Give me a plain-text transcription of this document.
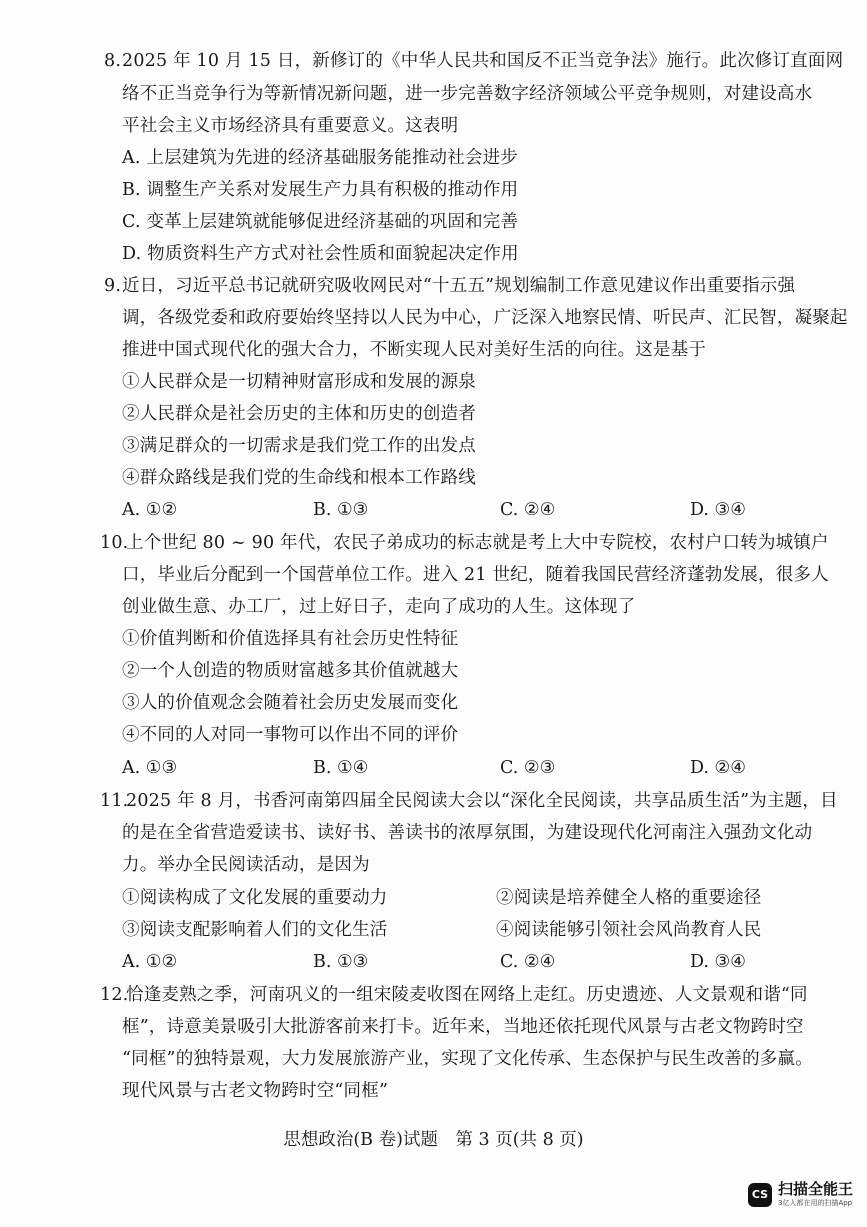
8. 2025 年 10 月 15 日，新修订的《中华人民共和国反不正当竞争法》施行。此次修订直面网
络不正当竞争行为等新情况新问题，进一步完善数字经济领域公平竞争规则，对建设高水
平社会主义市场经济具有重要意义。这表明
A. 上层建筑为先进的经济基础服务能推动社会进步
B. 调整生产关系对发展生产力具有积极的推动作用
C. 变革上层建筑就能够促进经济基础的巩固和完善
D. 物质资料生产方式对社会性质和面貌起决定作用
9. 近日，习近平总书记就研究吸收网民对“十五五”规划编制工作意见建议作出重要指示强
调，各级党委和政府要始终坚持以人民为中心，广泛深入地察民情、听民声、汇民智，凝聚起
推进中国式现代化的强大合力，不断实现人民对美好生活的向往。这是基于
①人民群众是一切精神财富形成和发展的源泉
②人民群众是社会历史的主体和历史的创造者
③满足群众的一切需求是我们党工作的出发点
④群众路线是我们党的生命线和根本工作路线
A. ①②	B. ①③	C. ②④	D. ③④
10.
上个世纪 80 ~ 90 年代，农民子弟成功的标志就是考上大中专院校，农村户口转为城镇户
口，毕业后分配到一个国营单位工作。进入 21 世纪，随着我国民营经济蓬勃发展，很多人
创业做生意、办工厂，过上好日子，走向了成功的人生。这体现了
①价值判断和价值选择具有社会历史性特征
②一个人创造的物质财富越多其价值就越大
③人的价值观念会随着社会历史发展而变化
④不同的人对同一事物可以作出不同的评价
A. ①③	B. ①④	C. ②③	D. ②④
11.
2025 年 8 月，书香河南第四届全民阅读大会以“深化全民阅读，共享品质生活”为主题，目
的是在全省营造爱读书、读好书、善读书的浓厚氛围，为建设现代化河南注入强劲文化动
力。举办全民阅读活动，是因为
①阅读构成了文化发展的重要动力	②阅读是培养健全人格的重要途径
③阅读支配影响着人们的文化生活	④阅读能够引领社会风尚教育人民
A. ①②	B. ①③	C. ②④	D. ③④
12.
恰逢麦熟之季，河南巩义的一组宋陵麦收图在网络上走红。历史遗迹、人文景观和谐“同
框”，诗意美景吸引大批游客前来打卡。近年来，当地还依托现代风景与古老文物跨时空
“同框”的独特景观，大力发展旅游产业，实现了文化传承、生态保护与民生改善的多赢。
现代风景与古老文物跨时空“同框”
思想政治(B 卷)试题　第 3 页(共 8 页)
CS 扫描全能王
3亿人都在用的扫描App
